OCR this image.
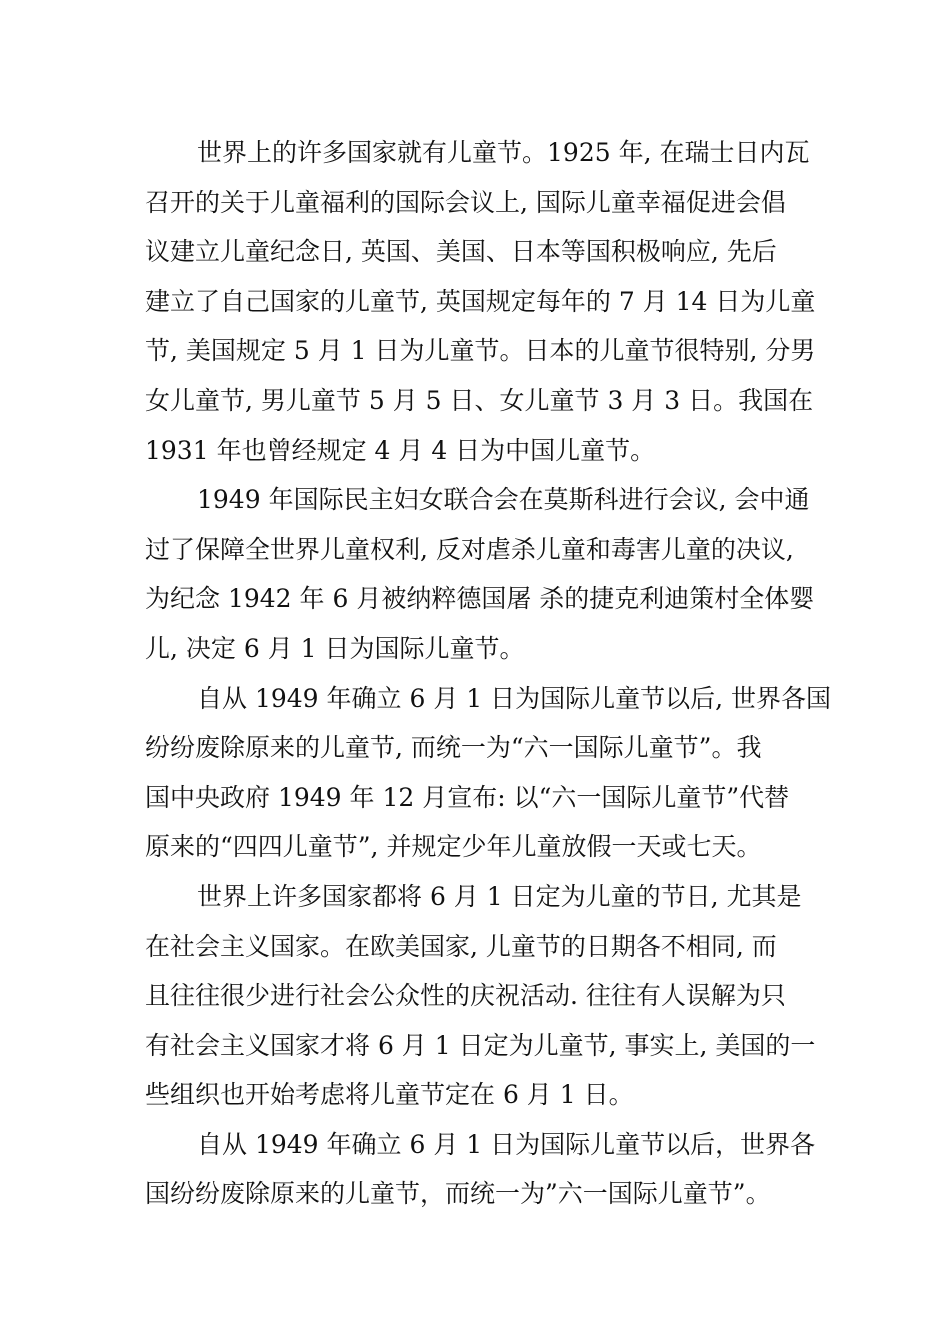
世界上的许多国家就有儿童节。1925 年, 在瑞士日内瓦
召开的关于儿童福利的国际会议上, 国际儿童幸福促进会倡
议建立儿童纪念日, 英国、美国、日本等国积极响应, 先后
建立了自己国家的儿童节, 英国规定每年的 7 月 14 日为儿童
节, 美国规定 5 月 1 日为儿童节。日本的儿童节很特别, 分男
女儿童节, 男儿童节 5 月 5 日、女儿童节 3 月 3 日。我国在
1931 年也曾经规定 4 月 4 日为中国儿童节。
1949 年国际民主妇女联合会在莫斯科进行会议, 会中通
过了保障全世界儿童权利, 反对虐杀儿童和毒害儿童的决议,
为纪念 1942 年 6 月被纳粹德国屠 杀的捷克利迪策村全体婴
儿, 决定 6 月 1 日为国际儿童节。
自从 1949 年确立 6 月 1 日为国际儿童节以后, 世界各国
纷纷废除原来的儿童节, 而统一为“六一国际儿童节”。我
国中央政府 1949 年 12 月宣布: 以“六一国际儿童节”代替
原来的“四四儿童节”, 并规定少年儿童放假一天或七天。
世界上许多国家都将 6 月 1 日定为儿童的节日, 尤其是
在社会主义国家。在欧美国家, 儿童节的日期各不相同, 而
且往往很少进行社会公众性的庆祝活动. 往往有人误解为只
有社会主义国家才将 6 月 1 日定为儿童节, 事实上, 美国的一
些组织也开始考虑将儿童节定在 6 月 1 日。
自从 1949 年确立 6 月 1 日为国际儿童节以后，世界各
国纷纷废除原来的儿童节，而统一为”六一国际儿童节”。
